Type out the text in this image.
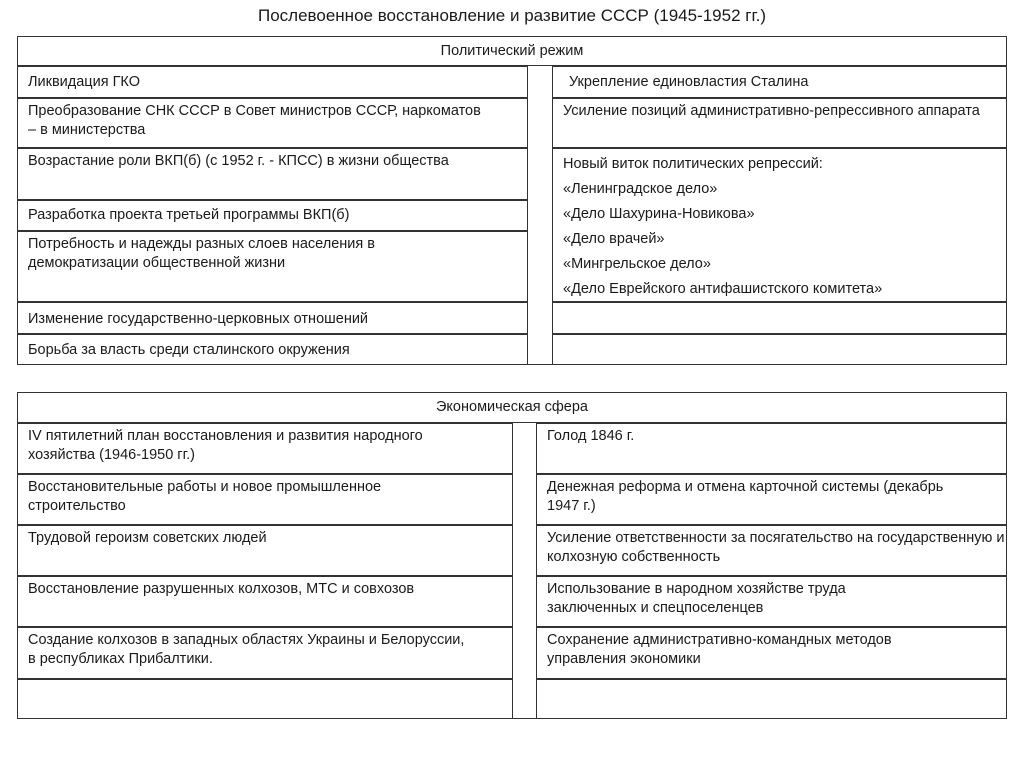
Послевоенное восстановление и развитие СССР (1945-1952 гг.)
Политический режим
Ликвидация ГКО
Преобразование СНК СССР в Совет министров СССР, наркоматов – в министерства
Возрастание роли ВКП(б) (с 1952 г. - КПСС) в жизни общества
Разработка проекта третьей программы ВКП(б)
Потребность и надежды разных слоев населения в демократизации общественной жизни
Изменение государственно-церковных отношений
Борьба за власть среди сталинского окружения
Укрепление единовластия Сталина
Усиление позиций административно-репрессивного аппарата
Новый виток политических репрессий:
«Ленинградское дело»
«Дело Шахурина-Новикова»
«Дело врачей»
«Мингрельское дело»
«Дело Еврейского антифашистского комитета»
Экономическая сфера
IV пятилетний план восстановления и развития народного хозяйства (1946-1950 гг.)
Восстановительные работы и новое промышленное строительство
Трудовой героизм советских людей
Восстановление разрушенных колхозов, МТС и совхозов
Создание колхозов в западных областях Украины и Белоруссии, в республиках Прибалтики.
Голод 1846 г.
Денежная реформа и отмена карточной системы (декабрь 1947 г.)
Усиление ответственности за посягательство на государственную и колхозную собственность
Использование в народном хозяйстве труда заключенных и спецпоселенцев
Сохранение административно-командных методов управления экономики
